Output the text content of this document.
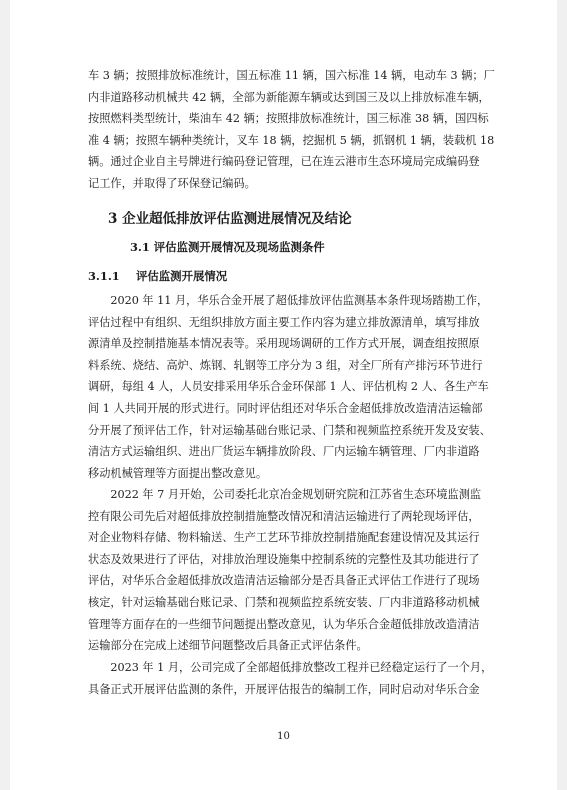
车 3 辆；按照排放标准统计，国五标准 11 辆，国六标准 14 辆，电动车 3 辆；厂
内非道路移动机械共 42 辆，全部为新能源车辆或达到国三及以上排放标准车辆，
按照燃料类型统计，柴油车 42 辆；按照排放标准统计，国三标准 38 辆，国四标
准 4 辆；按照车辆种类统计，叉车 18 辆，挖掘机 5 辆，抓钢机 1 辆，装载机 18
辆。通过企业自主号牌进行编码登记管理，已在连云港市生态环境局完成编码登
记工作，并取得了环保登记编码。
3 企业超低排放评估监测进展情况及结论
3.1 评估监测开展情况及现场监测条件
3.1.1 评估监测开展情况
　　2020 年 11 月，华乐合金开展了超低排放评估监测基本条件现场踏勘工作，
评估过程中有组织、无组织排放方面主要工作内容为建立排放源清单，填写排放
源清单及控制措施基本情况表等。采用现场调研的工作方式开展，调查组按照原
料系统、烧结、高炉、炼钢、轧钢等工序分为 3 组，对全厂所有产排污环节进行
调研，每组 4 人，人员安排采用华乐合金环保部 1 人、评估机构 2 人、各生产车
间 1 人共同开展的形式进行。同时评估组还对华乐合金超低排放改造清洁运输部
分开展了预评估工作，针对运输基础台账记录、门禁和视频监控系统开发及安装、
清洁方式运输组织、进出厂货运车辆排放阶段、厂内运输车辆管理、厂内非道路
移动机械管理等方面提出整改意见。
　　2022 年 7 月开始，公司委托北京冶金规划研究院和江苏省生态环境监测监
控有限公司先后对超低排放控制措施整改情况和清洁运输进行了两轮现场评估，
对企业物料存储、物料输送、生产工艺环节排放控制措施配套建设情况及其运行
状态及效果进行了评估，对排放治理设施集中控制系统的完整性及其功能进行了
评估，对华乐合金超低排放改造清洁运输部分是否具备正式评估工作进行了现场
核定，针对运输基础台账记录、门禁和视频监控系统安装、厂内非道路移动机械
管理等方面存在的一些细节问题提出整改意见，认为华乐合金超低排放改造清洁
运输部分在完成上述细节问题整改后具备正式评估条件。
　　2023 年 1 月，公司完成了全部超低排放整改工程并已经稳定运行了一个月，
具备正式开展评估监测的条件，开展评估报告的编制工作，同时启动对华乐合金
10
